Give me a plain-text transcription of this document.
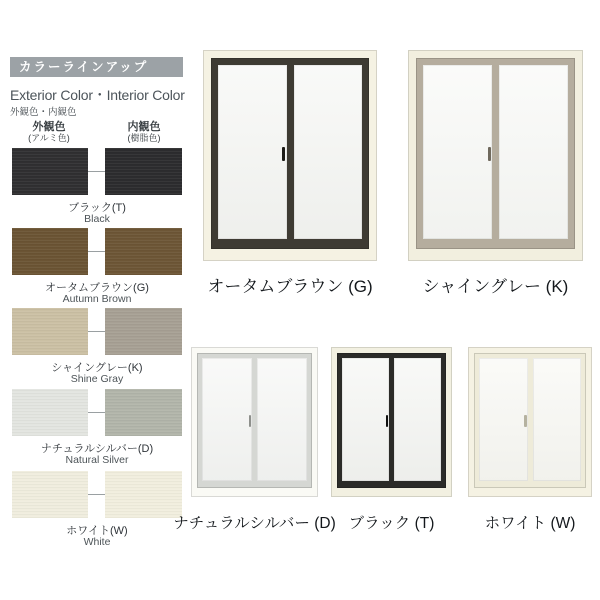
カラーラインアップ
Exterior Color・Interior Color
外観色・内観色
外観色
(アルミ色)
内観色
(樹脂色)
ブラック(T)
Black
オータムブラウン(G)
Autumn Brown
シャイングレー(K)
Shine Gray
ナチュラルシルバー(D)
Natural Silver
ホワイト(W)
White
オータムブラウン (G)	シャイングレー (K)
ナチュラルシルバー (D) ブラック (T)	ホワイト (W)
